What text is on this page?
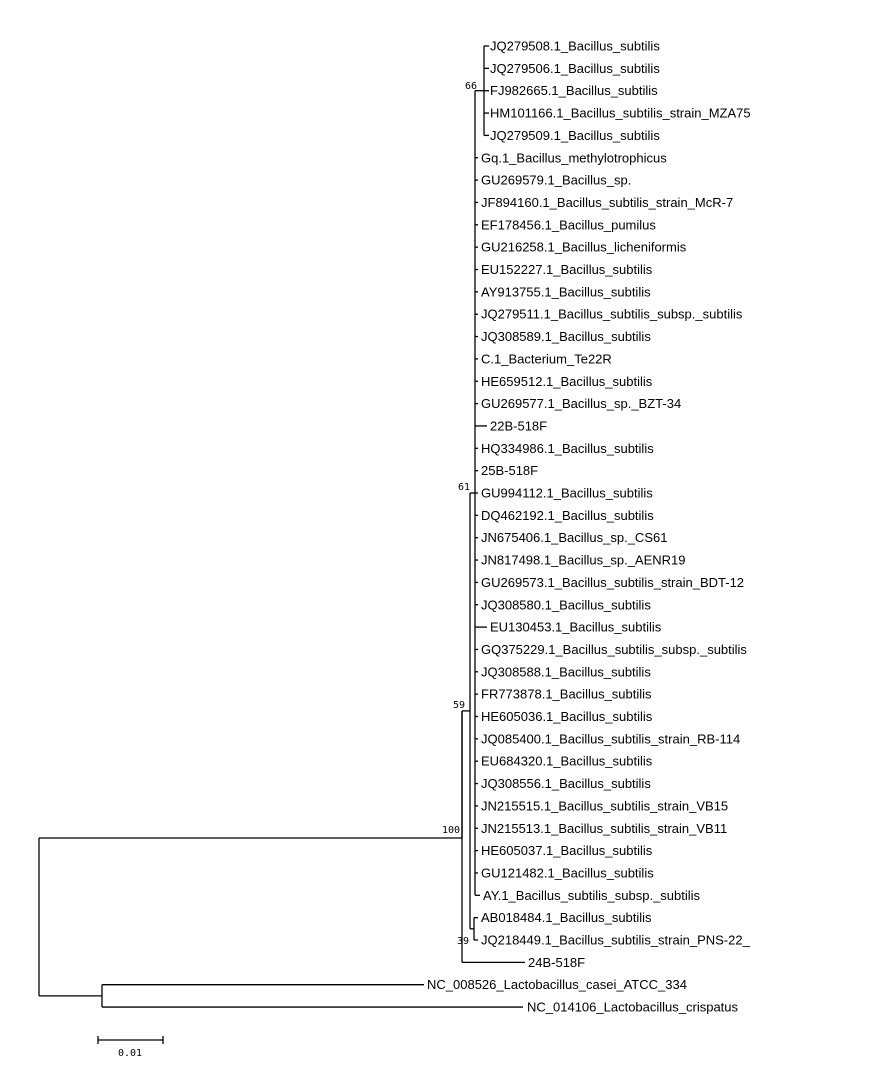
JQ279508.1_Bacillus_subtilis
JQ279506.1_Bacillus_subtilis
FJ982665.1_Bacillus_subtilis
HM101166.1_Bacillus_subtilis_strain_MZA75
JQ279509.1_Bacillus_subtilis
Gq.1_Bacillus_methylotrophicus
GU269579.1_Bacillus_sp.
JF894160.1_Bacillus_subtilis_strain_McR-7
EF178456.1_Bacillus_pumilus
GU216258.1_Bacillus_licheniformis
EU152227.1_Bacillus_subtilis
AY913755.1_Bacillus_subtilis
JQ279511.1_Bacillus_subtilis_subsp._subtilis
JQ308589.1_Bacillus_subtilis
C.1_Bacterium_Te22R
HE659512.1_Bacillus_subtilis
GU269577.1_Bacillus_sp._BZT-34
22B-518F
HQ334986.1_Bacillus_subtilis
25B-518F
GU994112.1_Bacillus_subtilis
DQ462192.1_Bacillus_subtilis
JN675406.1_Bacillus_sp._CS61
JN817498.1_Bacillus_sp._AENR19
GU269573.1_Bacillus_subtilis_strain_BDT-12
JQ308580.1_Bacillus_subtilis
EU130453.1_Bacillus_subtilis
GQ375229.1_Bacillus_subtilis_subsp._subtilis
JQ308588.1_Bacillus_subtilis
FR773878.1_Bacillus_subtilis
HE605036.1_Bacillus_subtilis
JQ085400.1_Bacillus_subtilis_strain_RB-114
EU684320.1_Bacillus_subtilis
JQ308556.1_Bacillus_subtilis
JN215515.1_Bacillus_subtilis_strain_VB15
JN215513.1_Bacillus_subtilis_strain_VB11
HE605037.1_Bacillus_subtilis
GU121482.1_Bacillus_subtilis
AY.1_Bacillus_subtilis_subsp._subtilis
AB018484.1_Bacillus_subtilis
JQ218449.1_Bacillus_subtilis_strain_PNS-22_
24B-518F
NC_008526_Lactobacillus_casei_ATCC_334
NC_014106_Lactobacillus_crispatus
66
61
59
100
39
0.01
